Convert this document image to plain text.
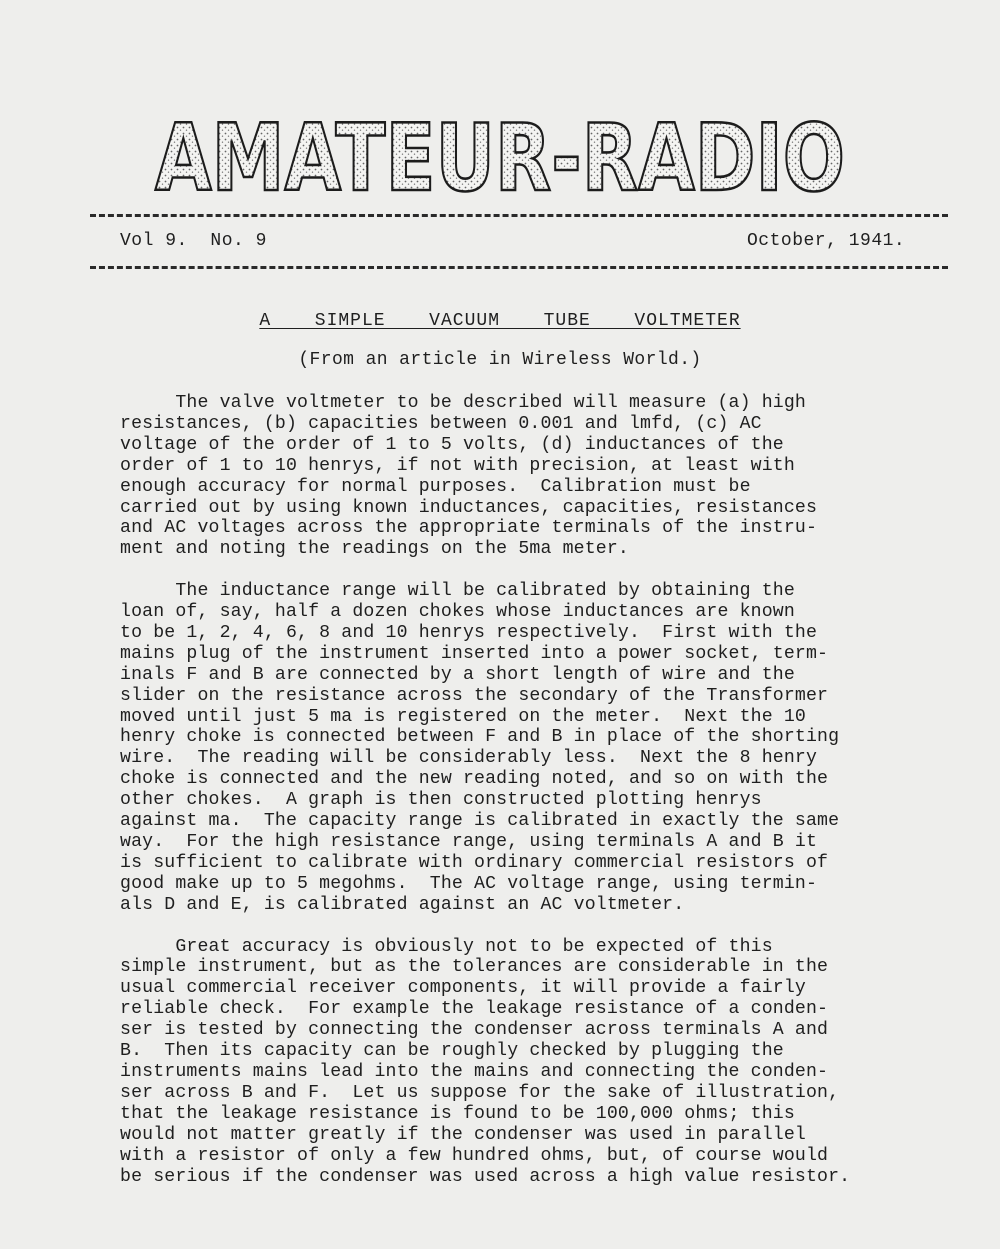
AMATEUR-RADIO
Vol 9.  No. 9	October, 1941.
A  SIMPLE  VACUUM  TUBE  VOLTMETER
(From an article in Wireless World.)
The valve voltmeter to be described will measure (a) high
resistances, (b) capacities between 0.001 and lmfd, (c) AC
voltage of the order of 1 to 5 volts, (d) inductances of the
order of 1 to 10 henrys, if not with precision, at least with
enough accuracy for normal purposes.  Calibration must be
carried out by using known inductances, capacities, resistances
and AC voltages across the appropriate terminals of the instru-
ment and noting the readings on the 5ma meter.
The inductance range will be calibrated by obtaining the
loan of, say, half a dozen chokes whose inductances are known
to be 1, 2, 4, 6, 8 and 10 henrys respectively.  First with the
mains plug of the instrument inserted into a power socket, term-
inals F and B are connected by a short length of wire and the
slider on the resistance across the secondary of the Transformer
moved until just 5 ma is registered on the meter.  Next the 10
henry choke is connected between F and B in place of the shorting
wire.  The reading will be considerably less.  Next the 8 henry
choke is connected and the new reading noted, and so on with the
other chokes.  A graph is then constructed plotting henrys
against ma.  The capacity range is calibrated in exactly the same
way.  For the high resistance range, using terminals A and B it
is sufficient to calibrate with ordinary commercial resistors of
good make up to 5 megohms.  The AC voltage range, using termin-
als D and E, is calibrated against an AC voltmeter.
Great accuracy is obviously not to be expected of this
simple instrument, but as the tolerances are considerable in the
usual commercial receiver components, it will provide a fairly
reliable check.  For example the leakage resistance of a conden-
ser is tested by connecting the condenser across terminals A and
B.  Then its capacity can be roughly checked by plugging the
instruments mains lead into the mains and connecting the conden-
ser across B and F.  Let us suppose for the sake of illustration,
that the leakage resistance is found to be 100,000 ohms; this
would not matter greatly if the condenser was used in parallel
with a resistor of only a few hundred ohms, but, of course would
be serious if the condenser was used across a high value resistor.
